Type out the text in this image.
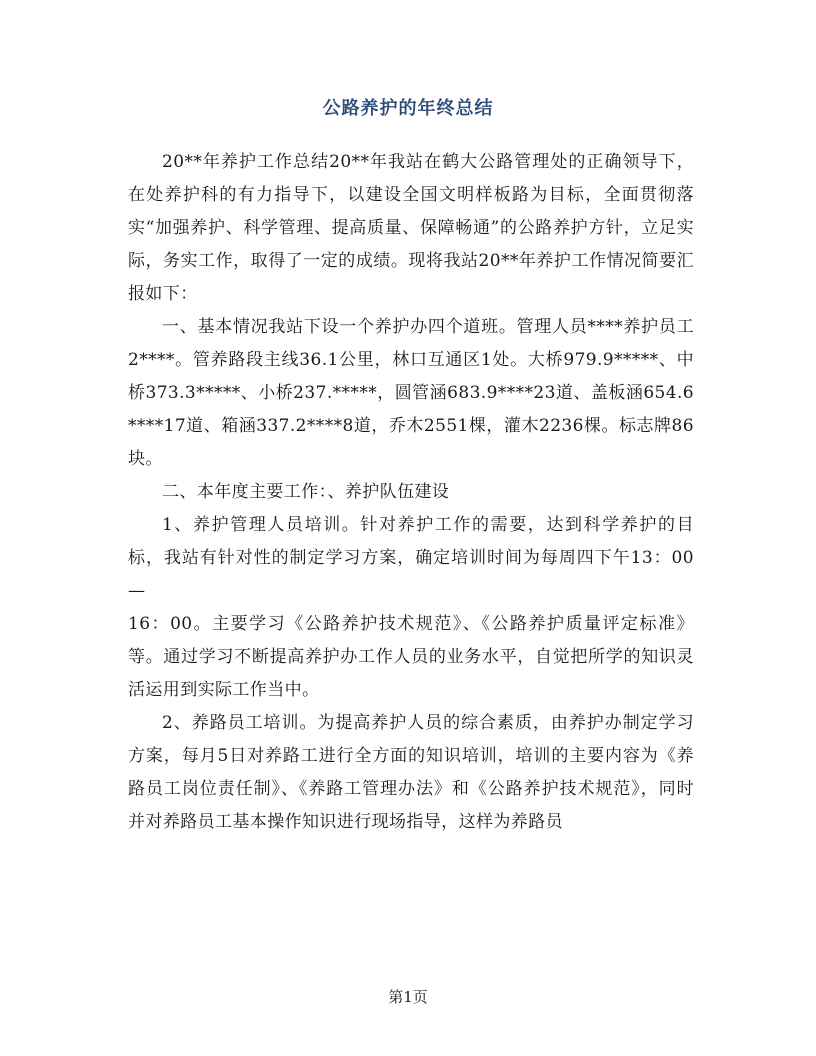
公路养护的年终总结

20**年养护工作总结20**年我站在鹤大公路管理处的正确领导下，在处养护科的有力指导下，以建设全国文明样板路为目标，全面贯彻落实“加强养护、科学管理、提高质量、保障畅通”的公路养护方针，立足实际，务实工作，取得了一定的成绩。现将我站20**年养护工作情况简要汇报如下：

一、基本情况我站下设一个养护办四个道班。管理人员****养护员工2****。管养路段主线36.1公里，林口互通区1处。大桥979.9*****、中桥373.3*****、小桥237.*****，圆管涵683.9****23道、盖板涵654.6****17道、箱涵337.2****8道，乔木2551棵，灌木2236棵。标志牌86块。

二、本年度主要工作：、养护队伍建设

1、养护管理人员培训。针对养护工作的需要，达到科学养护的目标，我站有针对性的制定学习方案，确定培训时间为每周四下午13：00—

16：00。主要学习《公路养护技术规范》、《公路养护质量评定标准》等。通过学习不断提高养护办工作人员的业务水平，自觉把所学的知识灵活运用到实际工作当中。

2、养路员工培训。为提高养护人员的综合素质，由养护办制定学习方案，每月5日对养路工进行全方面的知识培训，培训的主要内容为《养路员工岗位责任制》、《养路工管理办法》和《公路养护技术规范》，同时并对养路员工基本操作知识进行现场指导，这样为养路员

第1页
